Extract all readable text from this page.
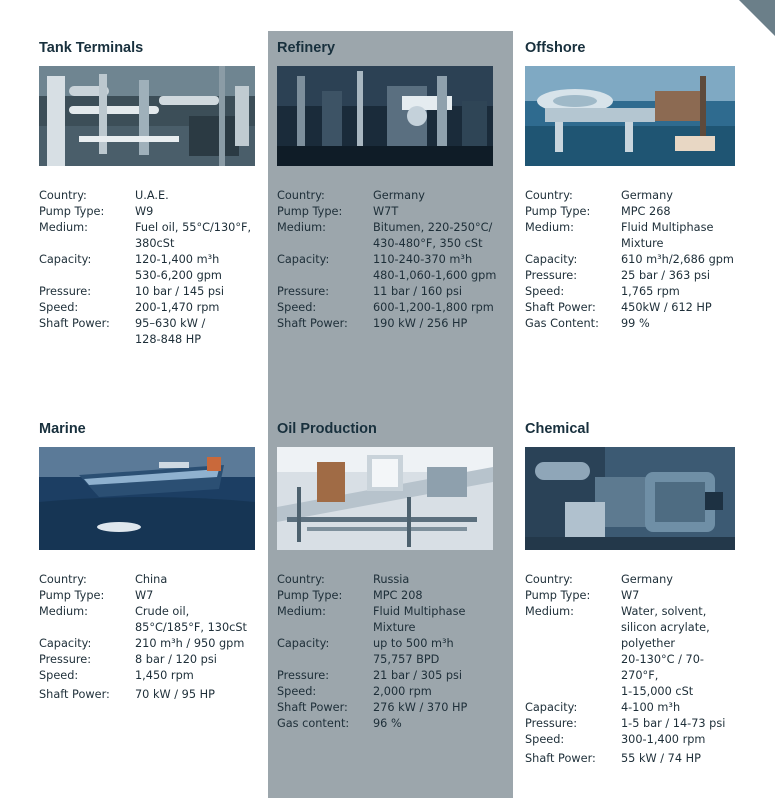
Tank Terminals
Country:	U.A.E.
Pump Type:	W9
Medium:	Fuel oil, 55°C/130°F,
380cSt
Capacity:	120-1,400 m³h
530-6,200 gpm
Pressure:	10 bar / 145 psi
Speed:	200-1,470 rpm
Shaft Power:	95–630 kW /
128-848 HP
Refinery
Country:	Germany
Pump Type:	W7T
Medium:	Bitumen, 220-250°C/
430-480°F, 350 cSt
Capacity:	110-240-370 m³h
480-1,060-1,600 gpm
Pressure:	11 bar / 160 psi
Speed:	600-1,200-1,800 rpm
Shaft Power:	190 kW / 256 HP
Offshore
Country:	Germany
Pump Type:	MPC 268
Medium:	Fluid Multiphase
Mixture
Capacity:	610 m³h/2,686 gpm
Pressure:	25 bar / 363 psi
Speed:	1,765 rpm
Shaft Power:	450kW / 612 HP
Gas Content:	99 %
Marine
Country:	China
Pump Type:	W7
Medium:	Crude oil,
85°C/185°F, 130cSt
Capacity:	210 m³h / 950 gpm
Pressure:	8 bar / 120 psi
Speed:	1,450 rpm
Shaft Power:	70 kW / 95 HP
Oil Production
Country:	Russia
Pump Type:	MPC 208
Medium:	Fluid Multiphase
Mixture
Capacity:	up to 500 m³h
75,757 BPD
Pressure:	21 bar / 305 psi
Speed:	2,000 rpm
Shaft Power:	276 kW / 370 HP
Gas content:	96 %
Chemical
Country:	Germany
Pump Type:	W7
Medium:	Water, solvent,
silicon acrylate,
polyether
20-130°C / 70-
270°F,
1-15,000 cSt
Capacity:	4-100 m³h
Pressure:	1-5 bar / 14-73 psi
Speed:	300-1,400 rpm
Shaft Power:	55 kW / 74 HP
